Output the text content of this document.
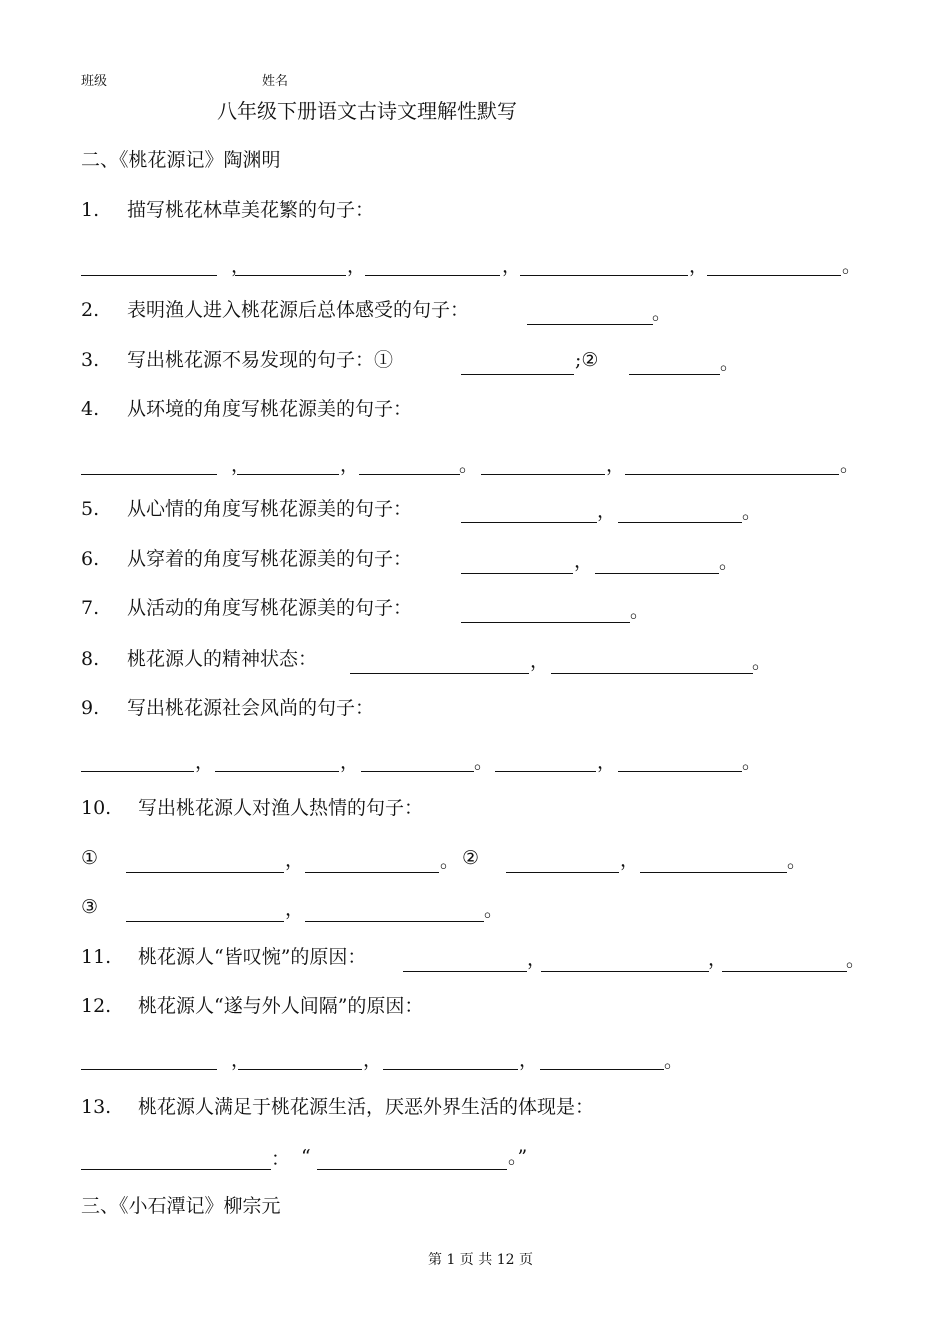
班级	姓名
八年级下册语文古诗文理解性默写
二、《桃花源记》陶渊明
1. 描写桃花林草美花繁的句子：
，	，	，	，	。
2. 表明渔人进入桃花源后总体感受的句子：	。
3. 写出桃花源不易发现的句子：①	;②	。
4. 从环境的角度写桃花源美的句子：
，	，	。	，	。
5. 从心情的角度写桃花源美的句子：	，	。
6. 从穿着的角度写桃花源美的句子：	，	。
7. 从活动的角度写桃花源美的句子：	。
8. 桃花源人的精神状态：	，	。
9. 写出桃花源社会风尚的句子：
，	，	。	，	。
10. 写出桃花源人对渔人热情的句子：
①	，	。 ②	，	。
③	，	。
11. 桃花源人“皆叹惋”的原因：	，	，	。
12. 桃花源人“遂与外人间隔”的原因：
，	，	，	。
13. 桃花源人满足于桃花源生活，厌恶外界生活的体现是：
： “	。”
三、《小石潭记》柳宗元
第 1 页 共 12 页
